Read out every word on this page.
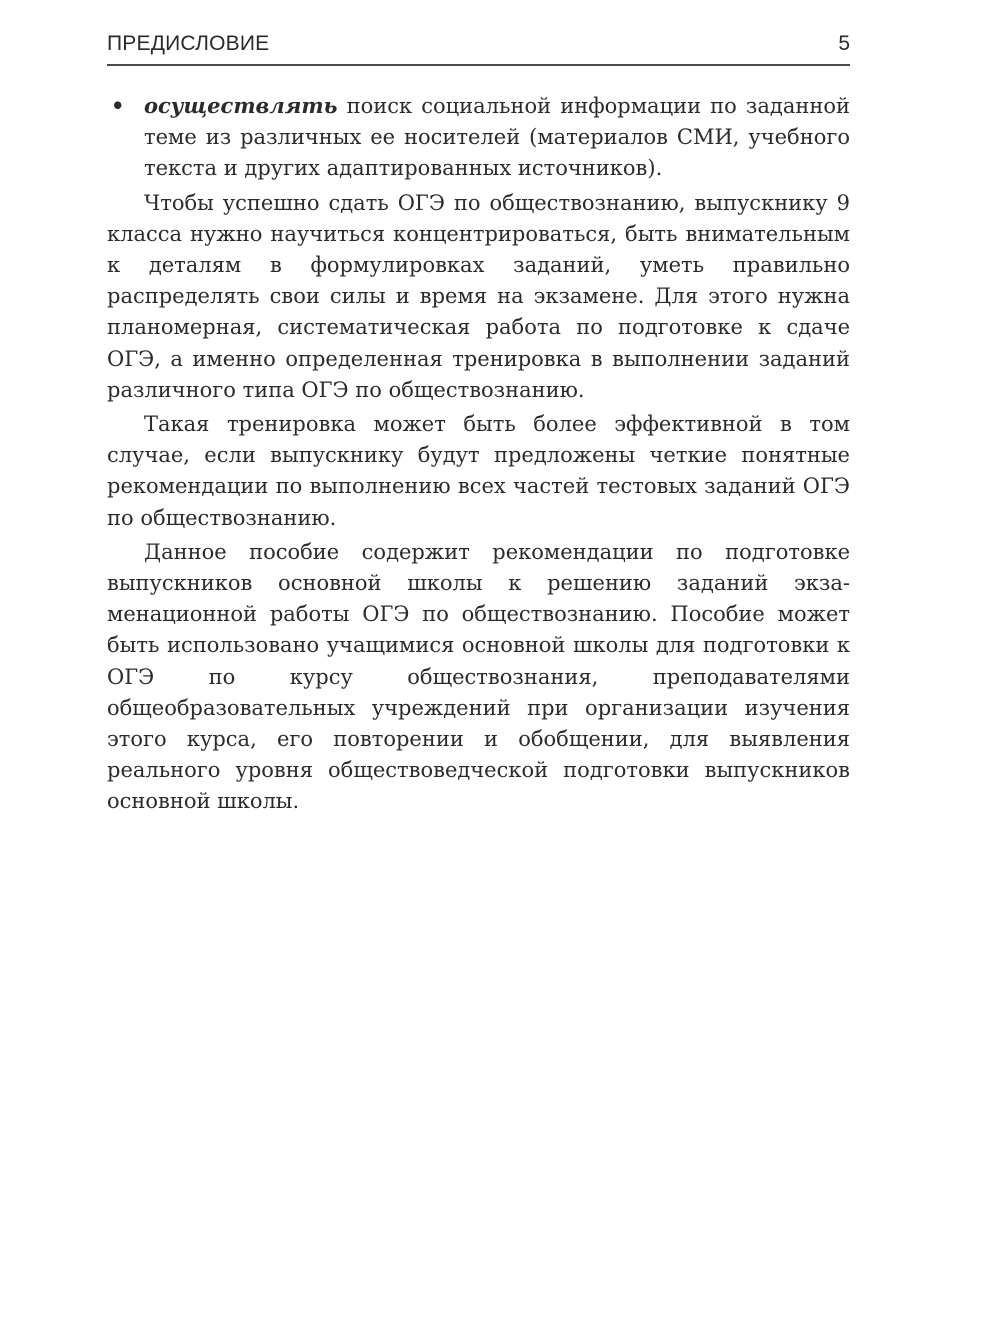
ПРЕДИСЛОВИЕ	5

• осуществлять поиск социальной информации по заданной теме из различных ее носителей (материалов СМИ, учебного текста и других адаптированных источников).

Чтобы успешно сдать ОГЭ по обществознанию, выпускнику 9 класса нужно научиться концентрироваться, быть внимательным к деталям в формулировках заданий, уметь правильно распределять свои силы и время на экзамене. Для этого нужна планомерная, систематическая работа по подготовке к сдаче ОГЭ, а именно определенная тренировка в выполнении заданий различного типа ОГЭ по обществознанию.

Такая тренировка может быть более эффективной в том случае, если выпускнику будут предложены четкие понятные рекомендации по выполнению всех частей тестовых заданий ОГЭ по обществознанию.

Данное пособие содержит рекомендации по подготовке выпускников основной школы к решению заданий экзаменационной работы ОГЭ по обществознанию. Пособие может быть использовано учащимися основной школы для подготовки к ОГЭ по курсу обществознания, преподавателями общеобразовательных учреждений при организации изучения этого курса, его повторении и обобщении, для выявления реального уровня обществоведческой подготовки выпускников основной школы.
